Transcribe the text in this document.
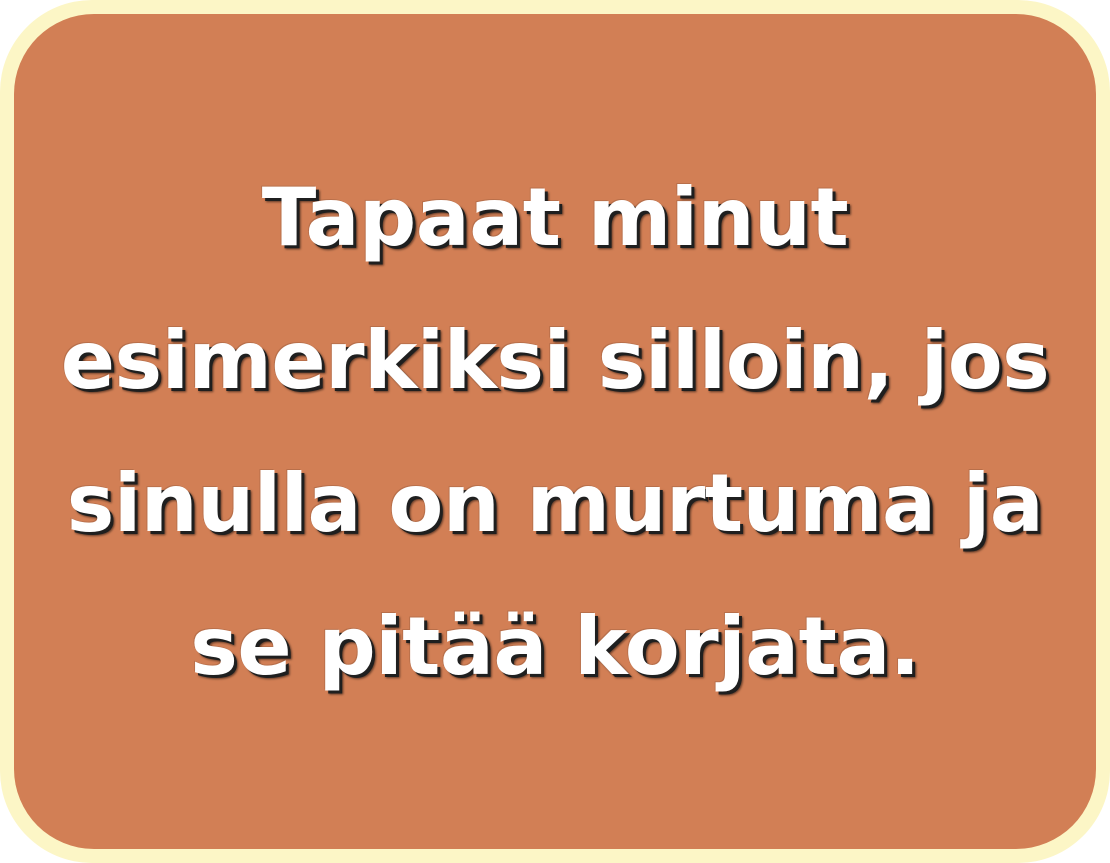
Tapaat minut
esimerkiksi silloin, jos
sinulla on murtuma ja
se pitää korjata.
